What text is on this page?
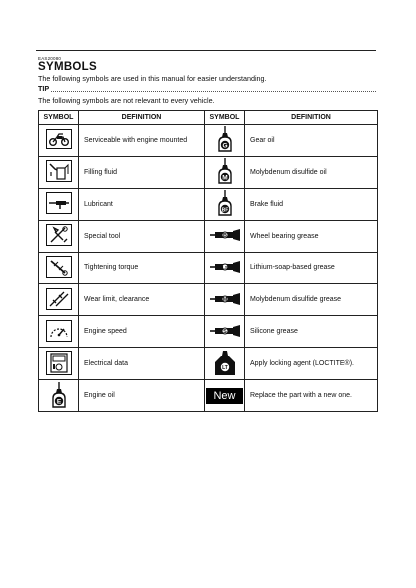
EAS20080
SYMBOLS
The following symbols are used in this manual for easier understanding.
TIP
The following symbols are not relevant to every vehicle.
SYMBOL	DEFINITION	SYMBOL	DEFINITION
	Serviceable with engine mounted	G	Gear oil
	Filling fluid	M	Molybdenum disulfide oil
	Lubricant	BF	Brake fluid
	Special tool	B	Wheel bearing grease
	Tightening torque	LS	Lithium-soap-based grease
	Wear limit, clearance	M	Molybdenum disulfide grease
	Engine speed	S	Silicone grease
	Electrical data	LT	Apply locking agent (LOCTITE®).

E	Engine oil	New	Replace the part with a new one.
